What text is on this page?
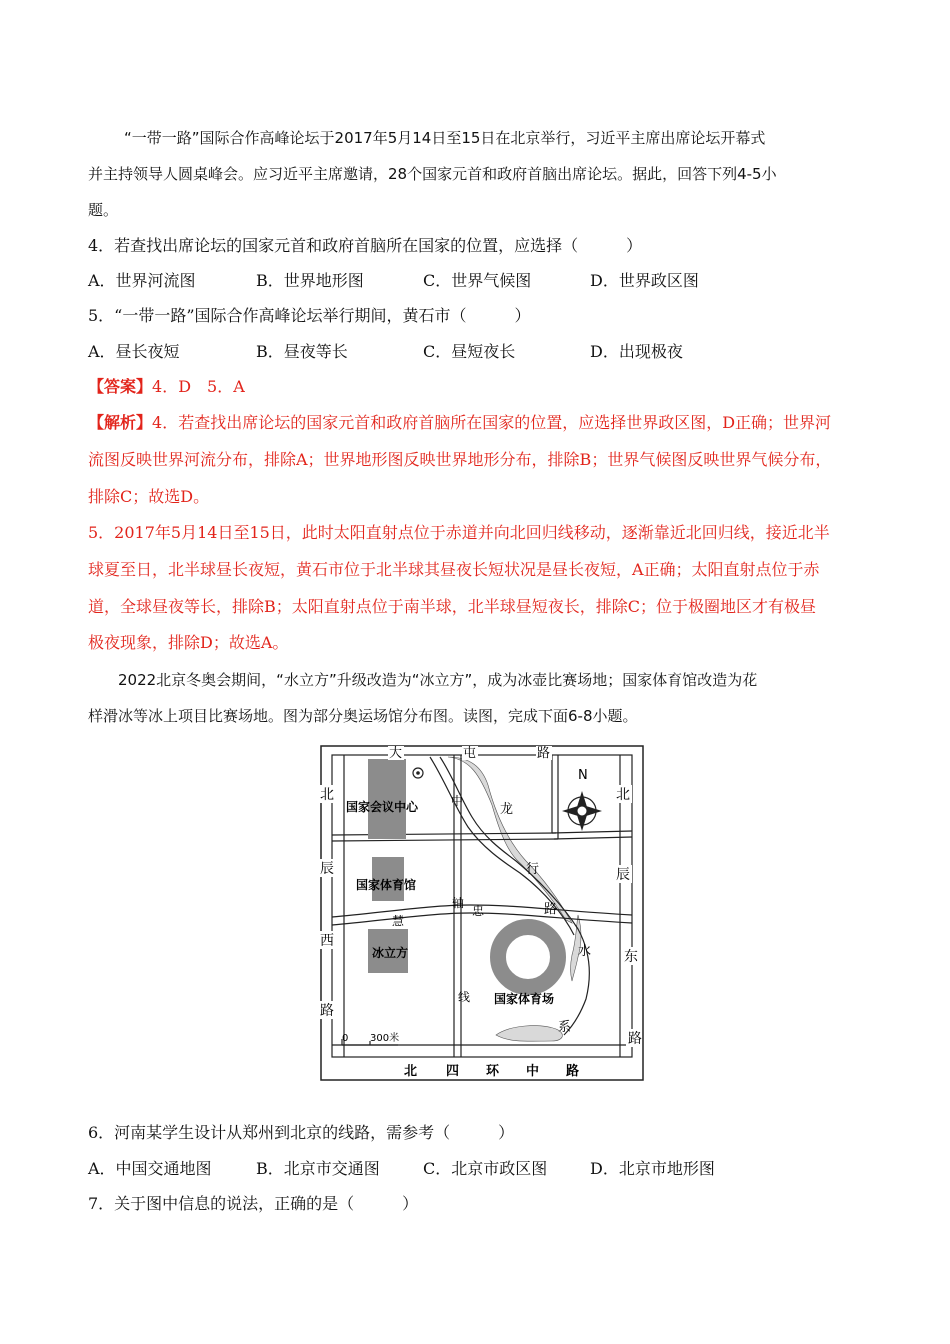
“一带一路”国际合作高峰论坛于2017年5月14日至15日在北京举行，习近平主席出席论坛开幕式
并主持领导人圆桌峰会。应习近平主席邀请，28个国家元首和政府首脑出席论坛。据此，回答下列4-5小
题。
4．若查找出席论坛的国家元首和政府首脑所在国家的位置，应选择（　　　）
A．世界河流图	B．世界地形图	C．世界气候图	D．世界政区图
5．“一带一路”国际合作高峰论坛举行期间，黄石市（　　　）
A．昼长夜短	B．昼夜等长	C．昼短夜长	D．出现极夜
【答案】4．D　5．A
【解析】4．若查找出席论坛的国家元首和政府首脑所在国家的位置，应选择世界政区图，D正确；世界河
流图反映世界河流分布，排除A；世界地形图反映世界地形分布，排除B；世界气候图反映世界气候分布，
排除C；故选D。
5．2017年5月14日至15日，此时太阳直射点位于赤道并向北回归线移动，逐渐靠近北回归线，接近北半
球夏至日，北半球昼长夜短，黄石市位于北半球其昼夜长短状况是昼长夜短，A正确；太阳直射点位于赤
道，全球昼夜等长，排除B；太阳直射点位于南半球，北半球昼短夜长，排除C；位于极圈地区才有极昼
极夜现象，排除D；故选A。
2022北京冬奥会期间，“水立方”升级改造为“冰立方”，成为冰壶比赛场地；国家体育馆改造为花
样滑冰等冰上项目比赛场地。图为部分奥运场馆分布图。读图，完成下面6-8小题。
N
大	屯	路
北
辰
西
路
北
辰
东
路
北 四 环 中 路
中
轴
线
慧
忠
龙
行
路
水
系
国家会议中心
国家体育馆
冰立方
国家体育场
0 300米
6．河南某学生设计从郑州到北京的线路，需参考（　　　）
A．中国交通地图	B．北京市交通图	C．北京市政区图	D．北京市地形图
7．关于图中信息的说法，正确的是（　　　）
